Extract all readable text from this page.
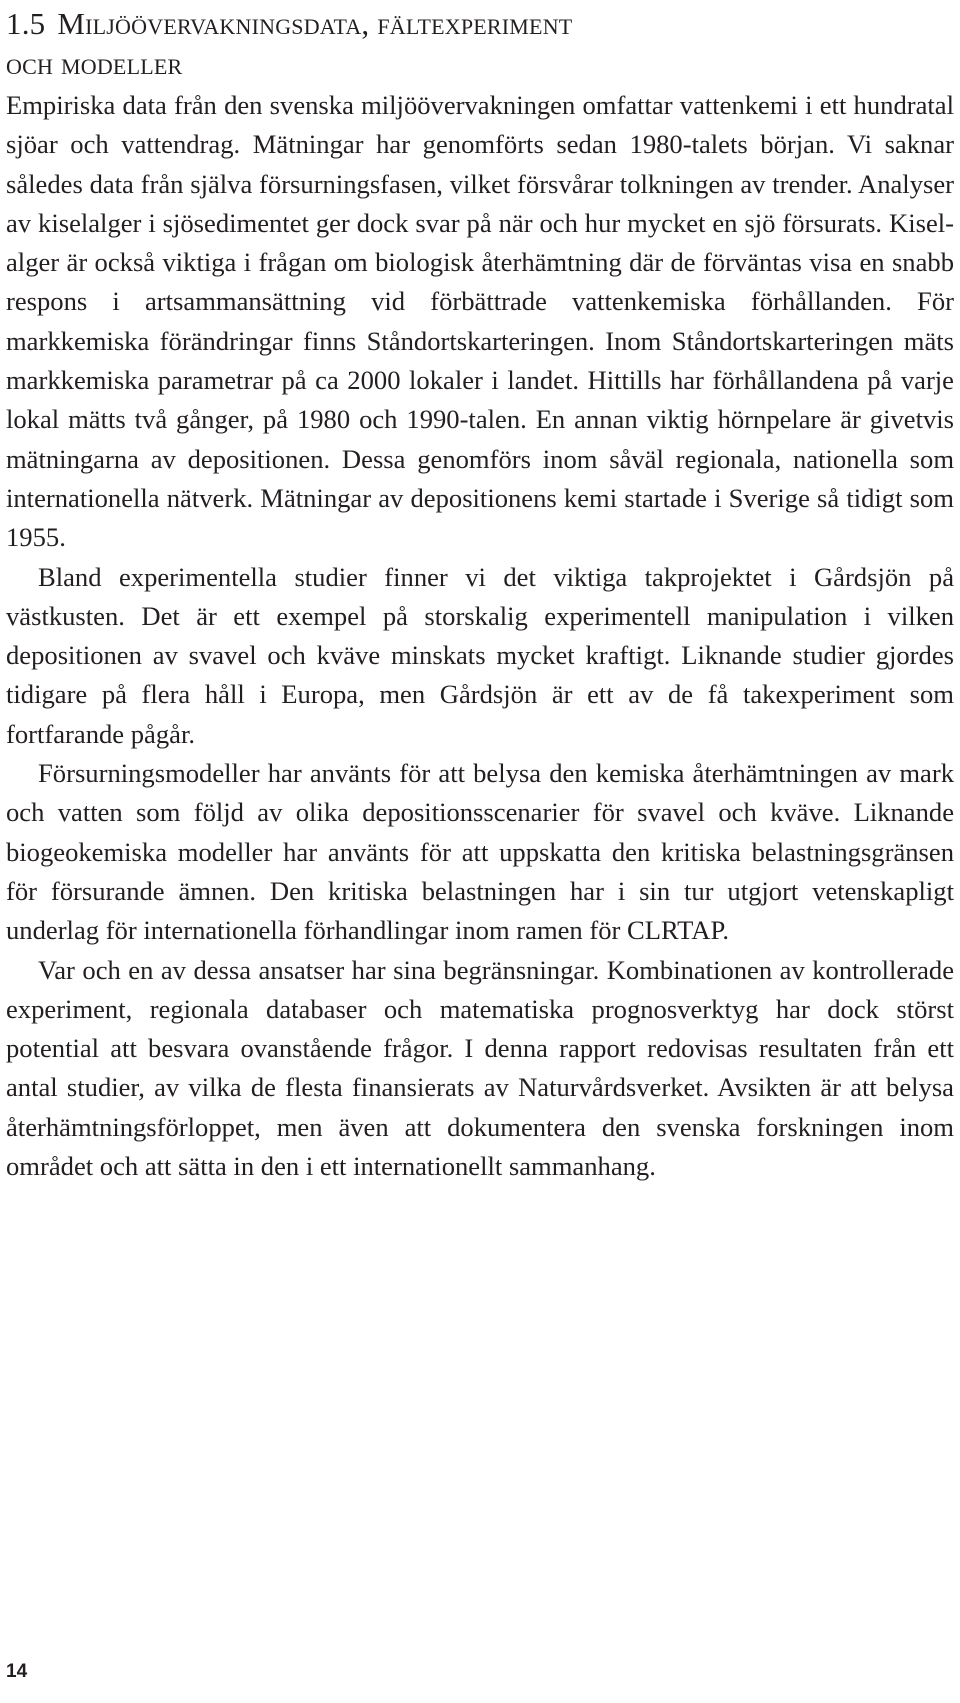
1.5 Miljöövervakningsdata, fältexperiment
och modeller

Empiriska data från den svenska miljöövervakningen omfattar vattenkemi i ett hundratal sjöar och vattendrag. Mätningar har genomförts sedan 1980-talets början. Vi saknar således data från själva försurningsfasen, vilket försvårar tolkningen av trender. Analyser av kiselalger i sjösedimentet ger dock svar på när och hur mycket en sjö försurats. Kiselalger är också viktiga i frågan om biologisk återhämtning där de förväntas visa en snabb respons i artsammansättning vid förbättrade vattenkemiska förhållanden. För markkemiska förändringar finns Ståndortskarteringen. Inom Ståndortskarteringen mäts markkemiska parametrar på ca 2000 lokaler i landet. Hittills har förhållandena på varje lokal mätts två gånger, på 1980 och 1990-talen. En annan viktig hörnpelare är givetvis mätningarna av depositionen. Dessa genomförs inom såväl regionala, nationella som internationella nätverk. Mätningar av depositionens kemi startade i Sverige så tidigt som 1955.

Bland experimentella studier finner vi det viktiga takprojektet i Gårdsjön på västkusten. Det är ett exempel på storskalig experimentell manipulation i vilken depositionen av svavel och kväve minskats mycket kraftigt. Liknande studier gjordes tidigare på flera håll i Europa, men Gårdsjön är ett av de få takexperiment som fortfarande pågår.

Försurningsmodeller har använts för att belysa den kemiska återhämtningen av mark och vatten som följd av olika depositionsscenarier för svavel och kväve. Liknande biogeokemiska modeller har använts för att uppskatta den kritiska belastningsgränsen för försurande ämnen. Den kritiska belastningen har i sin tur utgjort vetenskapligt underlag för internationella förhandlingar inom ramen för CLRTAP.

Var och en av dessa ansatser har sina begränsningar. Kombinationen av kontrollerade experiment, regionala databaser och matematiska prognosverktyg har dock störst potential att besvara ovanstående frågor. I denna rapport redovisas resultaten från ett antal studier, av vilka de flesta finansierats av Naturvårdsverket. Avsikten är att belysa återhämtningsförloppet, men även att dokumentera den svenska forskningen inom området och att sätta in den i ett internationellt sammanhang.

14
